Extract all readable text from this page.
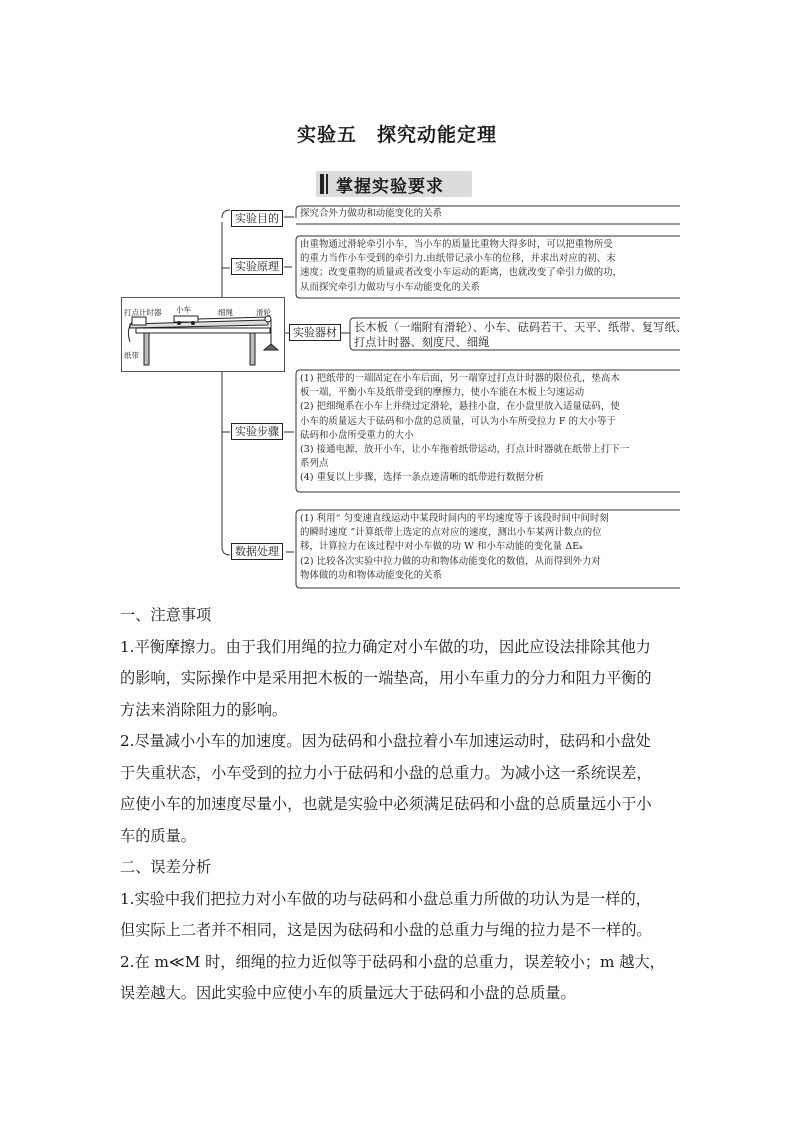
实验五　探究动能定理
掌握实验要求
实验目的
实验原理
实验器材
实验步骤
数据处理
探究合外力做功和动能变化的关系
由重物通过滑轮牵引小车，当小车的质量比重物大得多时，可以把重物所受
的重力当作小车受到的牵引力.由纸带记录小车的位移，并求出对应的初、末
速度；改变重物的质量或者改变小车运动的距离，也就改变了牵引力做的功，
从而探究牵引力做功与小车动能变化的关系
长木板（一端附有滑轮）、小车、砝码若干、天平、纸带、复写纸、
打点计时器、刻度尺、细绳
(1) 把纸带的一端固定在小车后面，另一端穿过打点计时器的限位孔，垫高木
板一端，平衡小车及纸带受到的摩擦力，使小车能在木板上匀速运动
(2) 把细绳系在小车上并绕过定滑轮，悬挂小盘，在小盘里放入适量砝码，使
小车的质量远大于砝码和小盘的总质量，可认为小车所受拉力 F 的大小等于
砝码和小盘所受重力的大小
(3) 接通电源，放开小车，让小车拖着纸带运动，打点计时器就在纸带上打下一
系列点
(4) 重复以上步骤，选择一条点迹清晰的纸带进行数据分析
(1) 利用“ 匀变速直线运动中某段时间内的平均速度等于该段时间中间时刻
的瞬时速度 ”计算纸带上选定的点对应的速度，测出小车某两计数点的位
移，计算拉力在该过程中对小车做的功 W 和小车动能的变化量 ΔEₖ
(2) 比较各次实验中拉力做的功和物体动能变化的数值，从而得到外力对
物体做的功和物体动能变化的关系
打点计时器 小车	细绳	滑轮
纸带
一、注意事项
1.平衡摩擦力。由于我们用绳的拉力确定对小车做的功，因此应设法排除其他力
的影响，实际操作中是采用把木板的一端垫高，用小车重力的分力和阻力平衡的
方法来消除阻力的影响。
2.尽量减小小车的加速度。因为砝码和小盘拉着小车加速运动时，砝码和小盘处
于失重状态，小车受到的拉力小于砝码和小盘的总重力。为减小这一系统误差，
应使小车的加速度尽量小，也就是实验中必须满足砝码和小盘的总质量远小于小
车的质量。
二、误差分析
1.实验中我们把拉力对小车做的功与砝码和小盘总重力所做的功认为是一样的，
但实际上二者并不相同，这是因为砝码和小盘的总重力与绳的拉力是不一样的。
2.在 m≪M 时，细绳的拉力近似等于砝码和小盘的总重力，误差较小；m 越大，
误差越大。因此实验中应使小车的质量远大于砝码和小盘的总质量。
